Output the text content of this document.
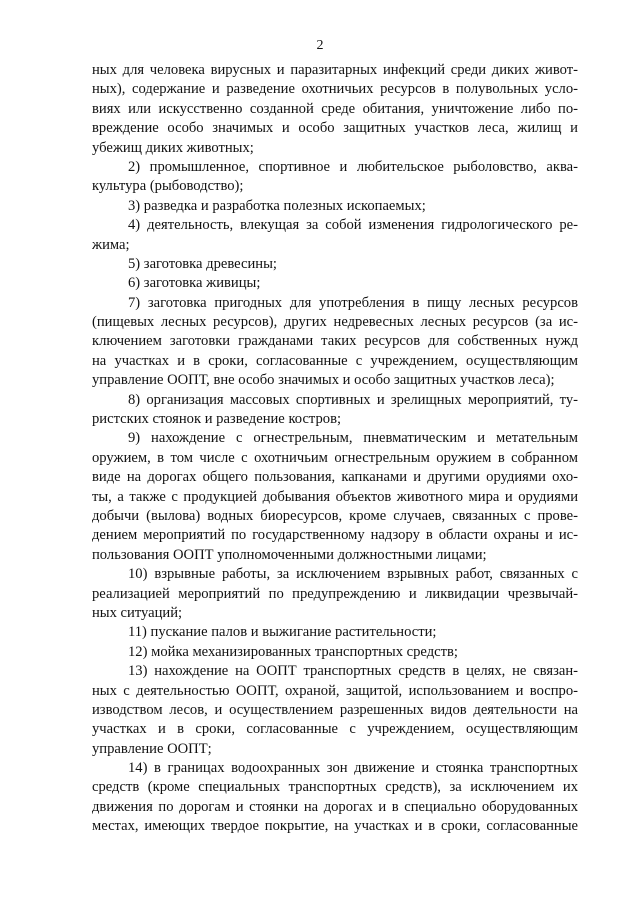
2
ных для человека вирусных и паразитарных инфекций среди диких живот-
ных), содержание и разведение охотничьих ресурсов в полувольных усло-
виях или искусственно созданной среде обитания, уничтожение либо по-
вреждение особо значимых и особо защитных участков леса, жилищ и
убежищ диких животных;
2) промышленное, спортивное и любительское рыболовство, аква-
культура (рыбоводство);
3) разведка и разработка полезных ископаемых;
4) деятельность, влекущая за собой изменения гидрологического ре-
жима;
5) заготовка древесины;
6) заготовка живицы;
7) заготовка пригодных для употребления в пищу лесных ресурсов
(пищевых лесных ресурсов), других недревесных лесных ресурсов (за ис-
ключением заготовки гражданами таких ресурсов для собственных нужд
на участках и в сроки, согласованные с учреждением, осуществляющим
управление ООПТ, вне особо значимых и особо защитных участков леса);
8) организация массовых спортивных и зрелищных мероприятий, ту-
ристских стоянок и разведение костров;
9) нахождение с огнестрельным, пневматическим и метательным
оружием, в том числе с охотничьим огнестрельным оружием в собранном
виде на дорогах общего пользования, капканами и другими орудиями охо-
ты, а также с продукцией добывания объектов животного мира и орудиями
добычи (вылова) водных биоресурсов, кроме случаев, связанных с прове-
дением мероприятий по государственному надзору в области охраны и ис-
пользования ООПТ уполномоченными должностными лицами;
10) взрывные работы, за исключением взрывных работ, связанных с
реализацией мероприятий по предупреждению и ликвидации чрезвычай-
ных ситуаций;
11) пускание палов и выжигание растительности;
12) мойка механизированных транспортных средств;
13) нахождение на ООПТ транспортных средств в целях, не связан-
ных с деятельностью ООПТ, охраной, защитой, использованием и воспро-
изводством лесов, и осуществлением разрешенных видов деятельности на
участках и в сроки, согласованные с учреждением, осуществляющим
управление ООПТ;
14) в границах водоохранных зон движение и стоянка транспортных
средств (кроме специальных транспортных средств), за исключением их
движения по дорогам и стоянки на дорогах и в специально оборудованных
местах, имеющих твердое покрытие, на участках и в сроки, согласованные
